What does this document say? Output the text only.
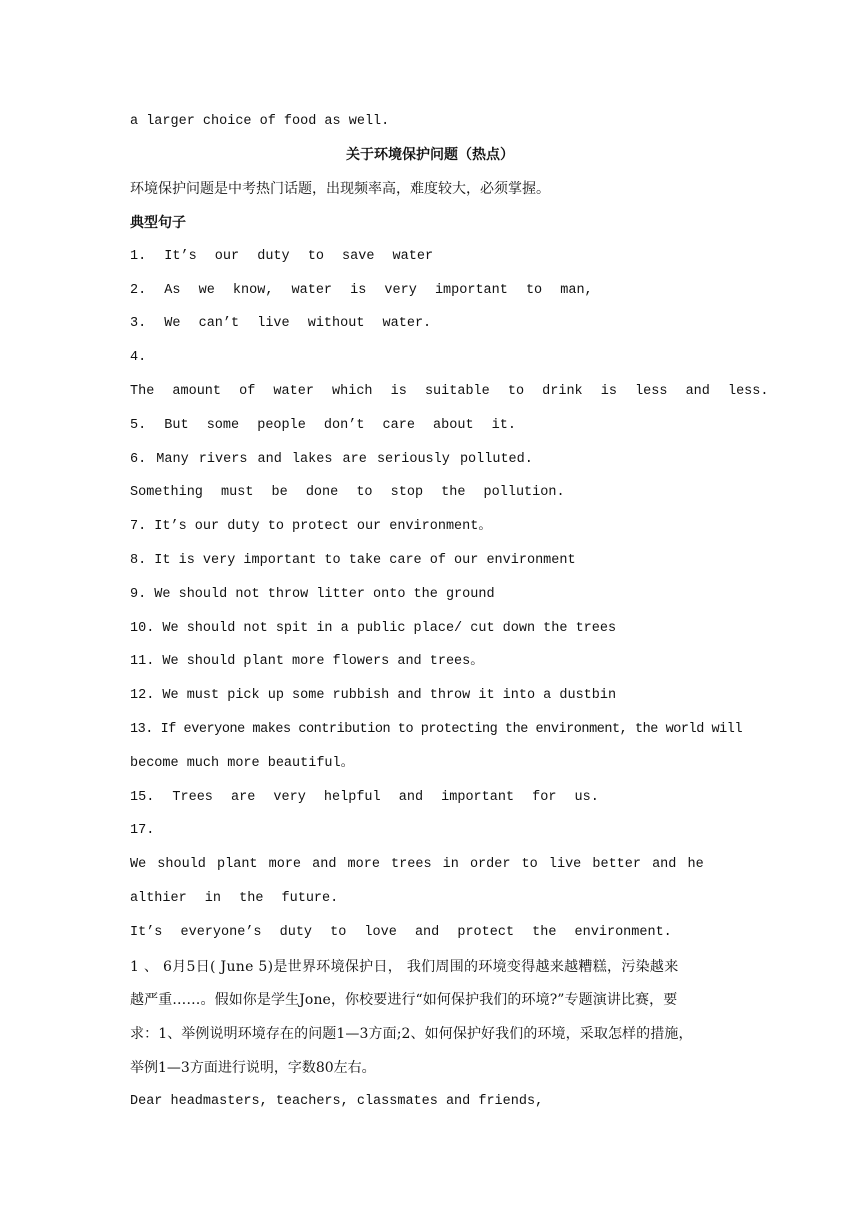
a larger choice of food as well.
关于环境保护问题（热点）
环境保护问题是中考热门话题，出现频率高，难度较大，必须掌握。
典型句子
1. It’s our duty to save water
2. As we know, water is very important to man,
3. We can’t live without water.
4.
The amount of water which is suitable to drink is less and less.
5. But some people don’t care about it.
6. Many rivers and lakes are seriously polluted.
Something must be done to stop the pollution.
7. It’s our duty to protect our environment。
8. It is very important to take care of our environment
9. We should not throw litter onto the ground
10. We should not spit in a public place/ cut down the trees
11. We should plant more flowers and trees。
12. We must pick up some rubbish and throw it into a dustbin
13. If everyone makes contribution to protecting the environment, the world will
become much more beautiful。
15. Trees are very helpful and important for us.
17.
We should plant more and more trees in order to live better and he
althier in the future.
It’s everyone’s duty to love and protect the environment.
1 、 6月5日( June 5)是世界环境保护日， 我们周围的环境变得越来越糟糕，污染越来
越严重……。假如你是学生Jone，你校要进行“如何保护我们的环境?”专题演讲比赛，要
求：1、举例说明环境存在的问题1—3方面;2、如何保护好我们的环境，采取怎样的措施，
举例1—3方面进行说明，字数80左右。
Dear headmasters, teachers, classmates and friends,
